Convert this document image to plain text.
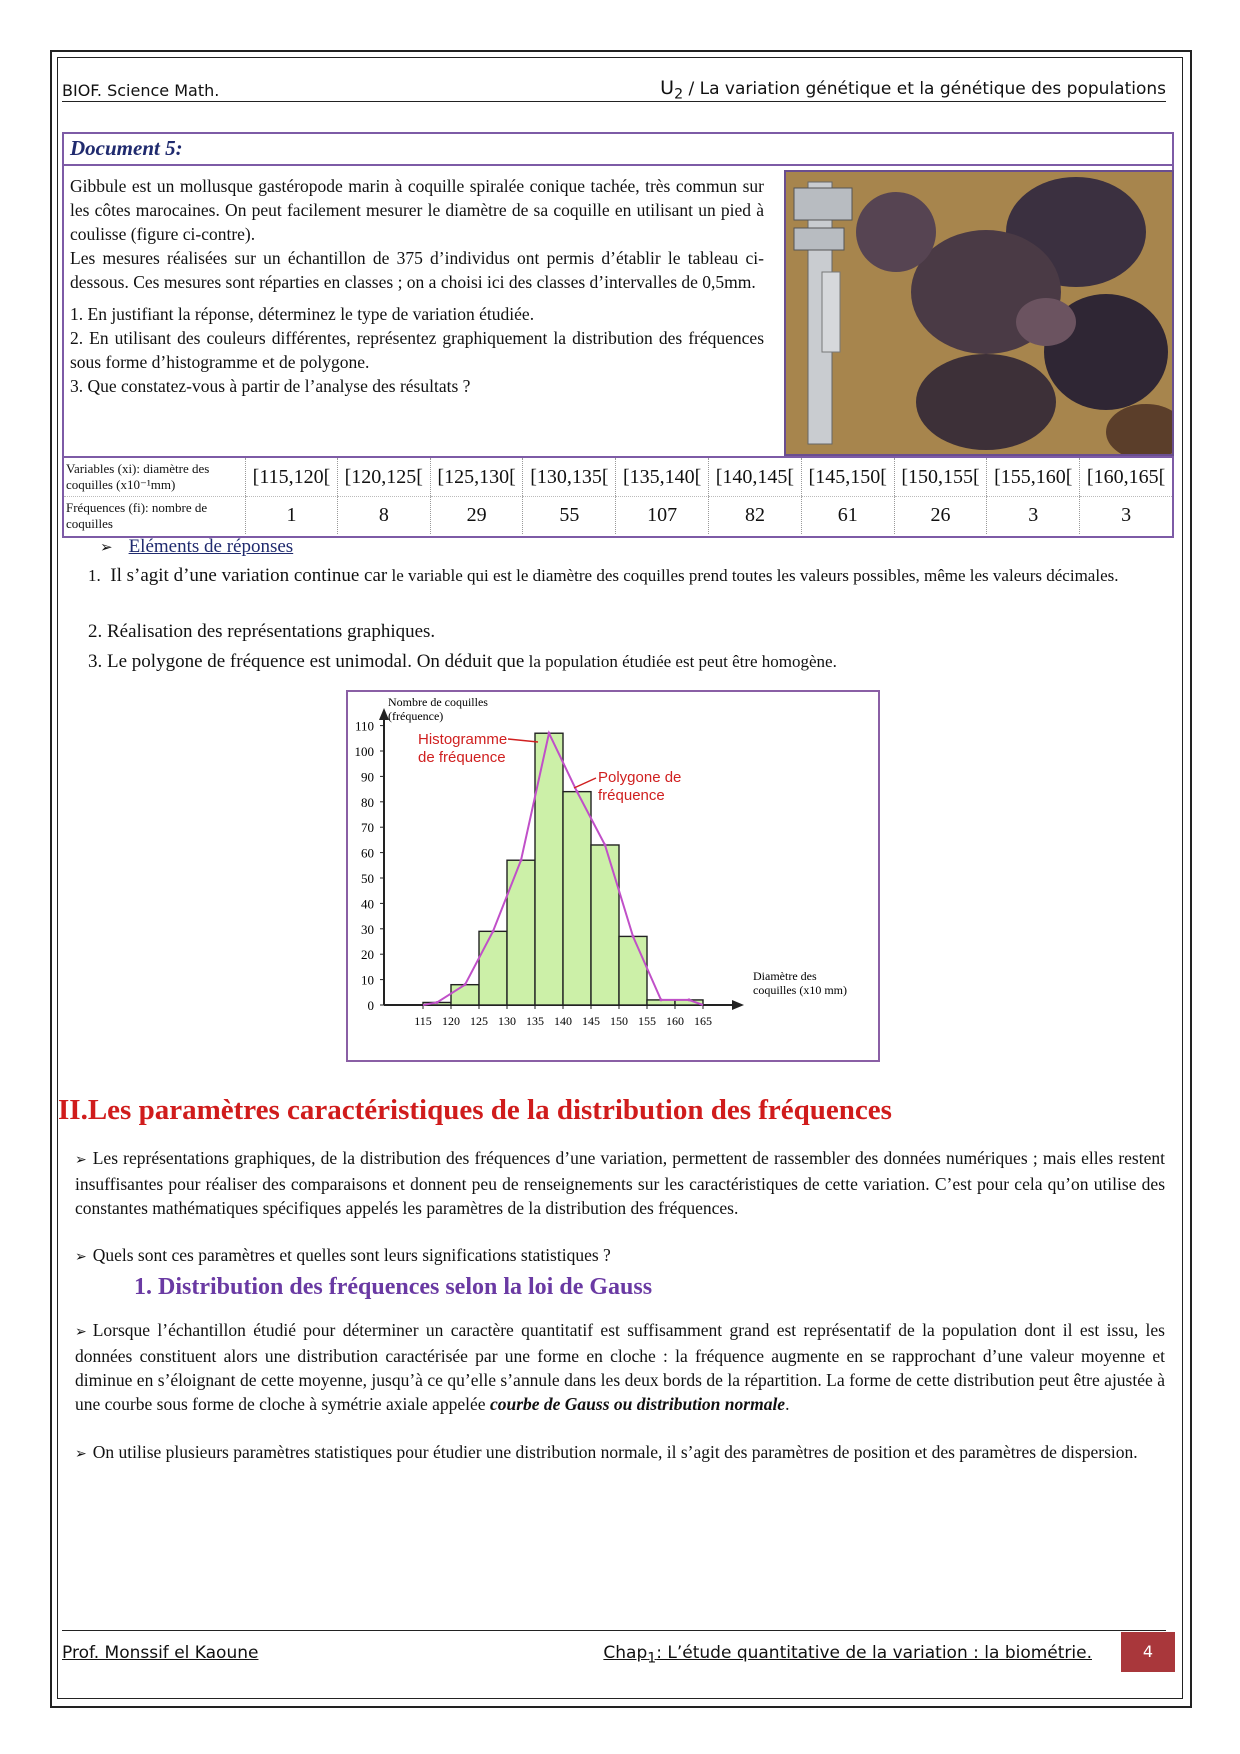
BIOF. Science Math.	$U_2$ / La variation génétique et la génétique des populations
Document 5:

Gibbule est un mollusque gastéropode marin à coquille spiralée conique tachée, très commun sur les côtes marocaines. On peut facilement mesurer le diamètre de sa coquille en utilisant un pied à coulisse (figure ci-contre).

Les mesures réalisées sur un échantillon de 375 d’individus ont permis d’établir le tableau ci-dessous. Ces mesures sont réparties en classes ; on a choisi ici des classes d’intervalles de 0,5mm.

1. En justifiant la réponse, déterminez le type de variation étudiée.

2. En utilisant des couleurs différentes, représentez graphiquement la distribution des fréquences sous forme d’histogramme et de polygone.

3. Que constatez-vous à partir de l’analyse des résultats ?

Variables (xi): diamètre des coquilles (x10⁻¹mm)	[115,120[	[120,125[	[125,130[	[130,135[	[135,140[	[140,145[	[145,150[	[150,155[	[155,160[	[160,165[
Fréquences (fi): nombre de coquilles	1	8	29	55	107	82	61	26	3	3
➢ Eléments de réponses
1. Il s’agit d’une variation continue car le variable qui est le diamètre des coquilles prend toutes les valeurs possibles, même les valeurs décimales.
2. Réalisation des représentations graphiques.
3. Le polygone de fréquence est unimodal. On déduit que la population étudiée est peut être homogène.
0
10
20
30
40
50
60
70
80
90
100
110
115 120 125 130 135 140 145 150 155 160 165
Nombre de coquilles
(fréquence)
Diamètre des
coquilles (x10 mm)
Histogramme
de fréquence
Polygone de
fréquence
II.Les paramètres caractéristiques de la distribution des fréquences
➢ Les représentations graphiques, de la distribution des fréquences d’une variation, permettent de rassembler des données numériques ; mais elles restent insuffisantes pour réaliser des comparaisons et donnent peu de renseignements sur les caractéristiques de cette variation. C’est pour cela qu’on utilise des constantes mathématiques spécifiques appelés les paramètres de la distribution des fréquences.
➢ Quels sont ces paramètres et quelles sont leurs significations statistiques ?
1. Distribution des fréquences selon la loi de Gauss
➢ Lorsque l’échantillon étudié pour déterminer un caractère quantitatif est suffisamment grand est représentatif de la population dont il est issu, les données constituent alors une distribution caractérisée par une forme en cloche : la fréquence augmente en se rapprochant d’une valeur moyenne et diminue en s’éloignant de cette moyenne, jusqu’à ce qu’elle s’annule dans les deux bords de la répartition. La forme de cette distribution peut être ajustée à une courbe sous forme de cloche à symétrie axiale appelée courbe de Gauss ou distribution normale.
➢ On utilise plusieurs paramètres statistiques pour étudier une distribution normale, il s’agit des paramètres de position et des paramètres de dispersion.
Prof. Monssif el Kaoune	Chap$_1$: L’étude quantitative de la variation : la biométrie.	4
